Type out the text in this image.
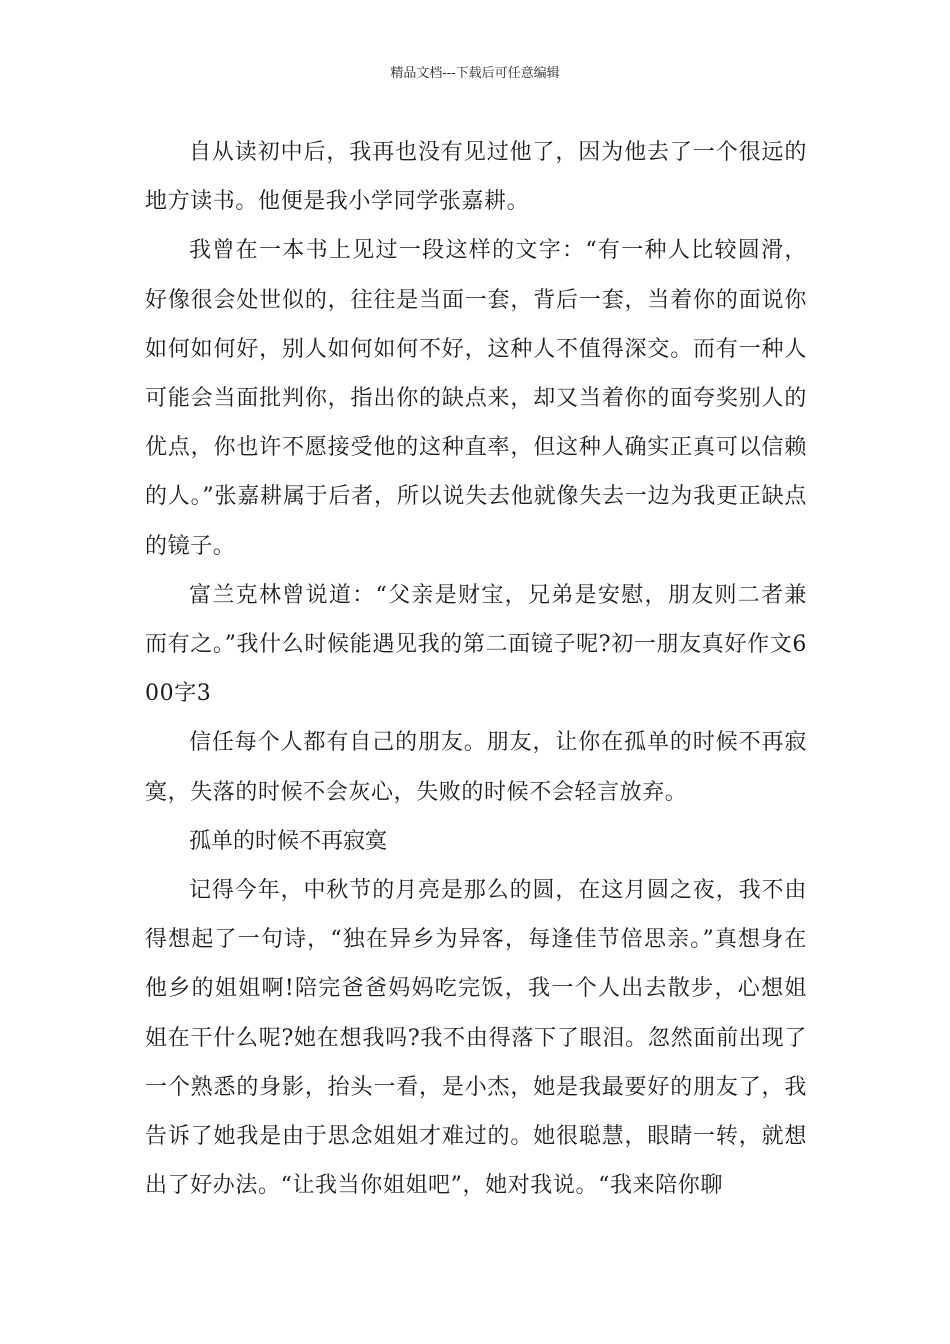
精品文档---下载后可任意编辑

自从读初中后，我再也没有见过他了，因为他去了一个很远的地方读书。他便是我小学同学张嘉耕。

我曾在一本书上见过一段这样的文字：“有一种人比较圆滑，好像很会处世似的，往往是当面一套，背后一套，当着你的面说你如何如何好，别人如何如何不好，这种人不值得深交。而有一种人可能会当面批判你，指出你的缺点来，却又当着你的面夸奖别人的优点，你也许不愿接受他的这种直率，但这种人确实正真可以信赖的人。”张嘉耕属于后者，所以说失去他就像失去一边为我更正缺点的镜子。

富兰克林曾说道：“父亲是财宝，兄弟是安慰，朋友则二者兼而有之。”我什么时候能遇见我的第二面镜子呢?初一朋友真好作文600字3

信任每个人都有自己的朋友。朋友，让你在孤单的时候不再寂寞，失落的时候不会灰心，失败的时候不会轻言放弃。

孤单的时候不再寂寞

记得今年，中秋节的月亮是那么的圆，在这月圆之夜，我不由得想起了一句诗，“独在异乡为异客，每逢佳节倍思亲。”真想身在他乡的姐姐啊!陪完爸爸妈妈吃完饭，我一个人出去散步，心想姐姐在干什么呢?她在想我吗?我不由得落下了眼泪。忽然面前出现了一个熟悉的身影，抬头一看，是小杰，她是我最要好的朋友了，我告诉了她我是由于思念姐姐才难过的。她很聪慧，眼睛一转，就想出了好办法。“让我当你姐姐吧”，她对我说。“我来陪你聊
